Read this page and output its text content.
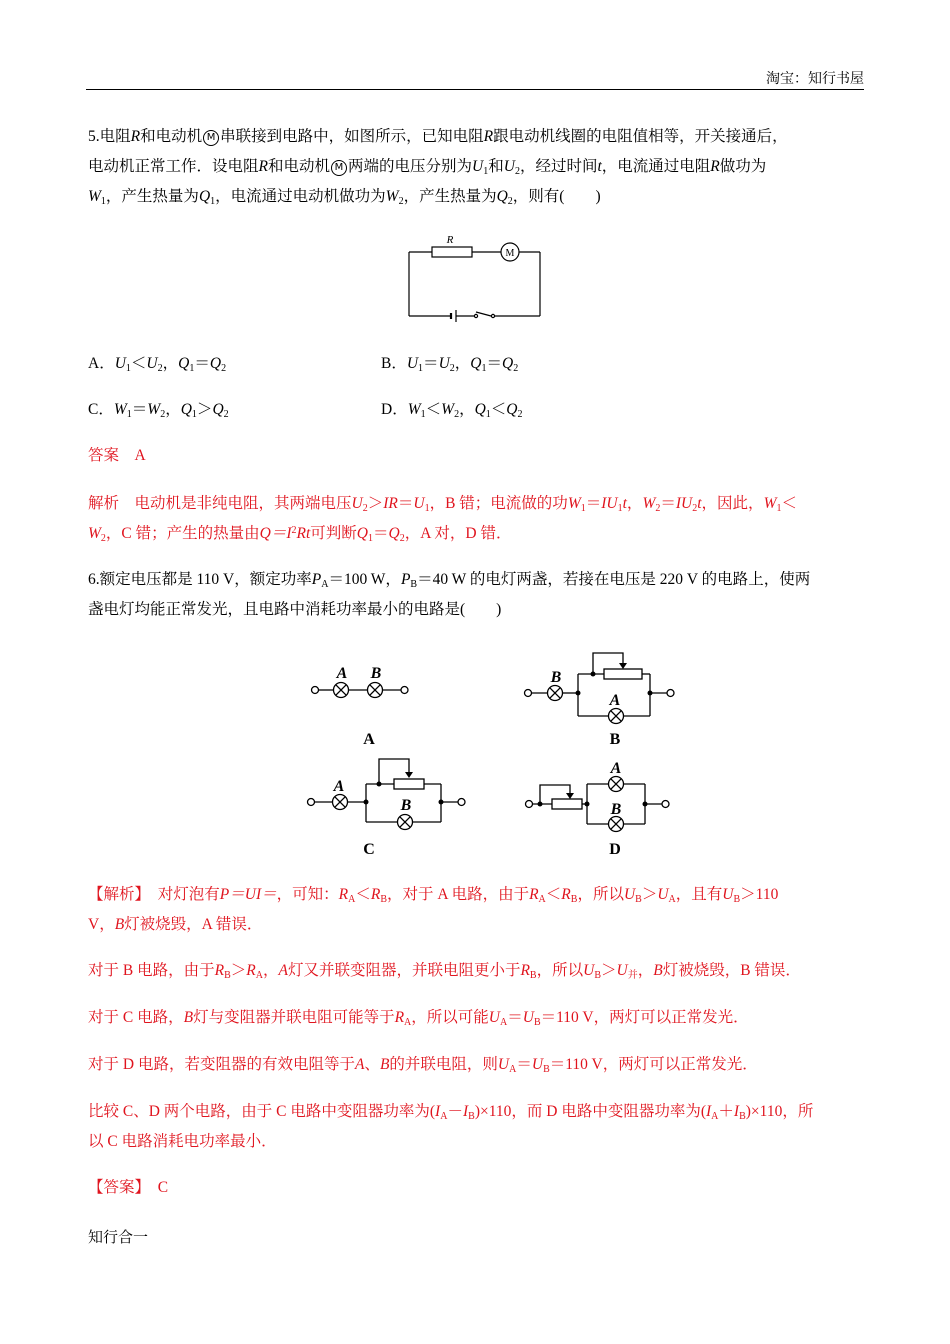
淘宝：知行书屋
5.电阻R和电动机 M 串联接到电路中，如图所示，已知电阻R跟电动机线圈的电阻值相等，开关接通后，
电动机正常工作．设电阻R和电动机 M 两端的电压分别为$U_1$和$U_2$，经过时间t，电流通过电阻R做功为
$W_1$，产生热量为$Q_1$，电流通过电动机做功为$W_2$，产生热量为$Q_2$，则有(　　)
R
M
A．$U_1<U_2$，$Q_1=Q_2$	B．$U_1=U_2$，$Q_1=Q_2$
C．$W_1=W_2$，$Q_1>Q_2$	D．$W_1<W_2$，$Q_1<Q_2$
答案　A
解析　电动机是非纯电阻，其两端电压$U_2>IR=U_1$，B 错；电流做的功$W_1=IU_1t$，$W_2=IU_2t$，因此，$W_1<$
$W_2$，C 错；产生的热量由$Q=I^2Rt$可判断$Q_1=Q_2$，A 对，D 错．
6.额定电压都是 110 V，额定功率$P_A=100$ W，$P_B=40$ W 的电灯两盏，若接在电压是 220 V 的电路上，使两
盏电灯均能正常发光，且电路中消耗功率最小的电路是(　　)
A B	B
A
A
B
A
B
A	B
C	D
【解析】　对灯泡有P＝UI＝，可知：$R_A<R_B$，对于 A 电路，由于$R_A<R_B$，所以$U_B>U_A$，且有$U_B>110$
V，B灯被烧毁，A 错误．
对于 B 电路，由于$R_B>R_A$，A灯又并联变阻器，并联电阻更小于$R_B$，所以$U_B>U_并$，B灯被烧毁，B 错误．
对于 C 电路，B灯与变阻器并联电阻可能等于$R_A$，所以可能$U_A=U_B=110$ V，两灯可以正常发光．
对于 D 电路，若变阻器的有效电阻等于A、B的并联电阻，则$U_A=U_B=110$ V，两灯可以正常发光．
比较 C、D 两个电路，由于 C 电路中变阻器功率为$(I_A-I_B)\times 110$，而 D 电路中变阻器功率为$(I_A+I_B)\times 110$，所
以 C 电路消耗电功率最小．
【答案】　 C
知行合一
